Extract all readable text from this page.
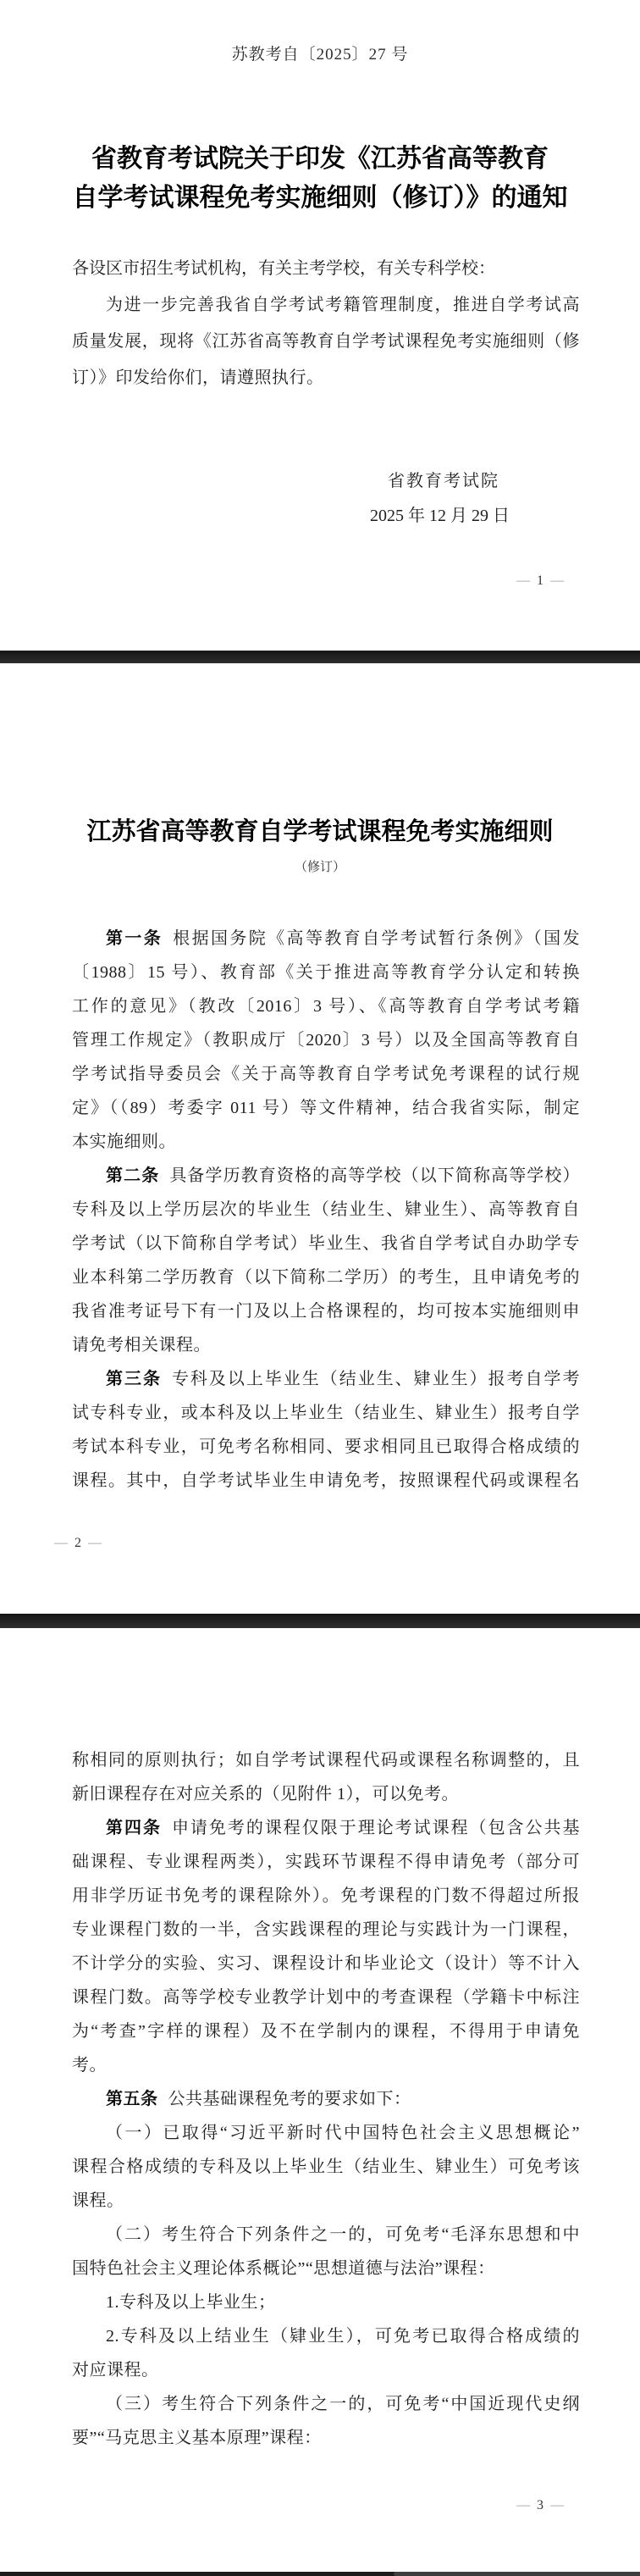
苏教考自〔2025〕27 号
省教育考试院关于印发《江苏省高等教育
自学考试课程免考实施细则（修订）》的通知
各设区市招生考试机构，有关主考学校，有关专科学校：
为进一步完善我省自学考试考籍管理制度，推进自学考试高
质量发展，现将《江苏省高等教育自学考试课程免考实施细则（修
订）》印发给你们，请遵照执行。
省教育考试院
2025 年 12 月 29 日
— 1 —
江苏省高等教育自学考试课程免考实施细则
（修订）
第一条 根据国务院《高等教育自学考试暂行条例》（国发
〔1988〕15 号）、教育部《关于推进高等教育学分认定和转换
工作的意见》（教改〔2016〕3 号）、《高等教育自学考试考籍
管理工作规定》（教职成厅〔2020〕3 号）以及全国高等教育自
学考试指导委员会《关于高等教育自学考试免考课程的试行规
定》（（89）考委字 011 号）等文件精神，结合我省实际，制定
本实施细则。
第二条 具备学历教育资格的高等学校（以下简称高等学校）
专科及以上学历层次的毕业生（结业生、肄业生）、高等教育自
学考试（以下简称自学考试）毕业生、我省自学考试自办助学专
业本科第二学历教育（以下简称二学历）的考生，且申请免考的
我省准考证号下有一门及以上合格课程的，均可按本实施细则申
请免考相关课程。
第三条 专科及以上毕业生（结业生、肄业生）报考自学考
试专科专业，或本科及以上毕业生（结业生、肄业生）报考自学
考试本科专业，可免考名称相同、要求相同且已取得合格成绩的
课程。其中，自学考试毕业生申请免考，按照课程代码或课程名
— 2 —
称相同的原则执行；如自学考试课程代码或课程名称调整的，且
新旧课程存在对应关系的（见附件 1），可以免考。
第四条 申请免考的课程仅限于理论考试课程（包含公共基
础课程、专业课程两类），实践环节课程不得申请免考（部分可
用非学历证书免考的课程除外）。免考课程的门数不得超过所报
专业课程门数的一半，含实践课程的理论与实践计为一门课程，
不计学分的实验、实习、课程设计和毕业论文（设计）等不计入
课程门数。高等学校专业教学计划中的考查课程（学籍卡中标注
为“考查”字样的课程）及不在学制内的课程，不得用于申请免
考。
第五条 公共基础课程免考的要求如下：
（一）已取得“习近平新时代中国特色社会主义思想概论”
课程合格成绩的专科及以上毕业生（结业生、肄业生）可免考该
课程。
（二）考生符合下列条件之一的，可免考“毛泽东思想和中
国特色社会主义理论体系概论”“思想道德与法治”课程：
1.专科及以上毕业生；
2.专科及以上结业生（肄业生），可免考已取得合格成绩的
对应课程。
（三）考生符合下列条件之一的，可免考“中国近现代史纲
要”“马克思主义基本原理”课程：
— 3 —
